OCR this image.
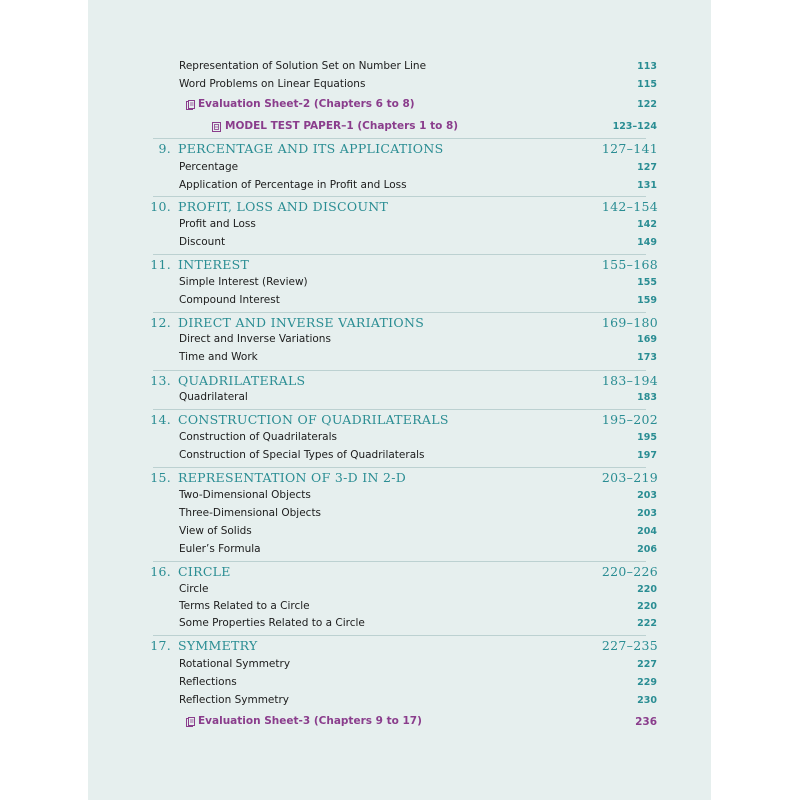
Representation of Solution Set on Number Line	113
Word Problems on Linear Equations	115
Evaluation Sheet-2 (Chapters 6 to 8)	122
MODEL TEST PAPER–1 (Chapters 1 to 8)	123–124
9. PERCENTAGE AND ITS APPLICATIONS	127–141
Percentage	127
Application of Percentage in Profit and Loss	131
10. PROFIT, LOSS AND DISCOUNT	142–154
Profit and Loss	142
Discount	149
11. INTEREST	155–168
Simple Interest (Review)	155
Compound Interest	159
12. DIRECT AND INVERSE VARIATIONS	169–180
Direct and Inverse Variations	169
Time and Work	173
13. QUADRILATERALS	183–194
Quadrilateral	183
14. CONSTRUCTION OF QUADRILATERALS	195–202
Construction of Quadrilaterals	195
Construction of Special Types of Quadrilaterals	197
15. REPRESENTATION OF 3-D IN 2-D	203–219
Two-Dimensional Objects	203
Three-Dimensional Objects	203
View of Solids	204
Euler’s Formula	206
16. CIRCLE	220–226
Circle	220
Terms Related to a Circle	220
Some Properties Related to a Circle	222
17. SYMMETRY	227–235
Rotational Symmetry	227
Reflections	229
Reflection Symmetry	230
Evaluation Sheet-3 (Chapters 9 to 17)	236
